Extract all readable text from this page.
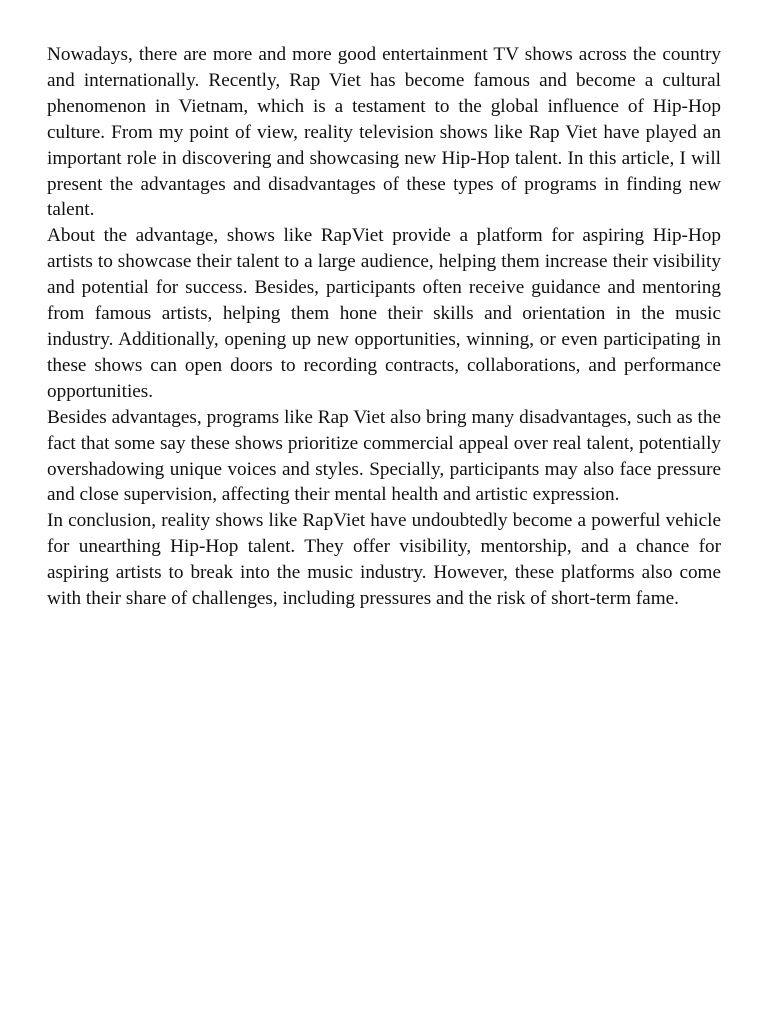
Nowadays, there are more and more good entertainment TV shows across the country and internationally. Recently, Rap Viet has become famous and become a cultural phenomenon in Vietnam, which is a testament to the global influence of Hip-Hop culture. From my point of view, reality television shows like Rap Viet have played an important role in discovering and showcasing new Hip-Hop talent. In this article, I will present the advantages and disadvantages of these types of programs in finding new talent.

About the advantage, shows like RapViet provide a platform for aspiring Hip-Hop artists to showcase their talent to a large audience, helping them increase their visibility and potential for success. Besides, participants often receive guidance and mentoring from famous artists, helping them hone their skills and orientation in the music industry. Additionally, opening up new opportunities, winning, or even participating in these shows can open doors to recording contracts, collaborations, and performance opportunities.

Besides advantages, programs like Rap Viet also bring many disadvantages, such as the fact that some say these shows prioritize commercial appeal over real talent, potentially overshadowing unique voices and styles. Specially, participants may also face pressure and close supervision, affecting their mental health and artistic expression.

In conclusion, reality shows like RapViet have undoubtedly become a powerful vehicle for unearthing Hip-Hop talent. They offer visibility, mentorship, and a chance for aspiring artists to break into the music industry. However, these platforms also come with their share of challenges, including pressures and the risk of short-term fame.
